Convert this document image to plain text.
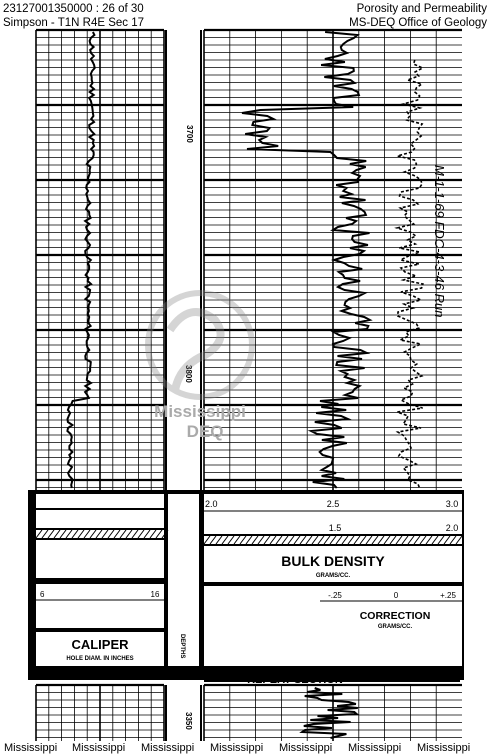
23127001350000 : 26 of 30
Simpson - T1N R4E Sec 17
Porosity and Permeability
MS-DEQ Office of Geology
3700
3800
3350
Mississippi
DEQ
M-1-1-69 FDC-4-3-46 Run
2.0	2.5	3.0
1.5	2.0
BULK DENSITY
GRAMS/CC.
-.25	0	+.25
CORRECTION
GRAMS/CC.
6	16
CALIPER
HOLE DIAM. IN INCHES
DEPTHS
REPEAT SECTION
Mississippi Mississippi Mississippi Mississippi Mississippi Mississippi Mississippi
